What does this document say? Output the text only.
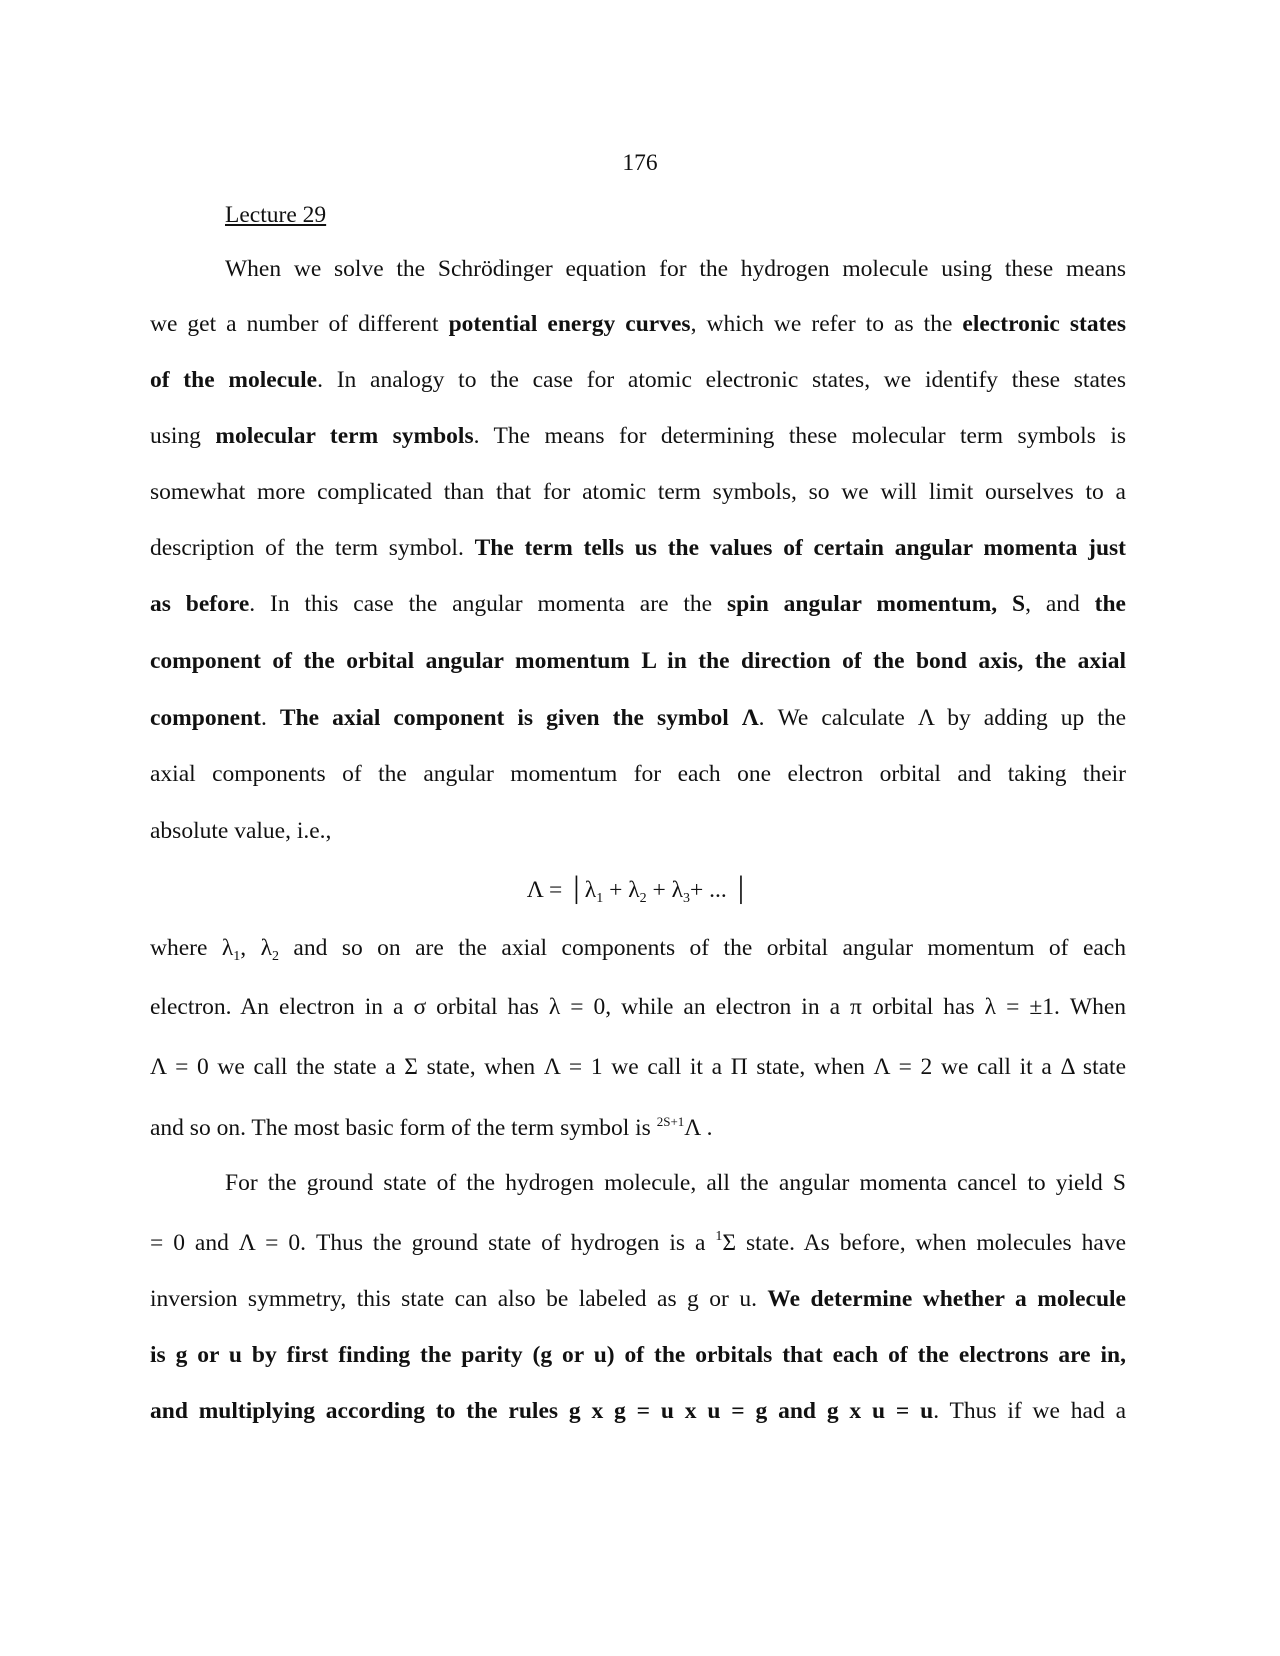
176
Lecture 29
When we solve the Schrödinger equation for the hydrogen molecule using these means
we get a number of different potential energy curves, which we refer to as the electronic states
of the molecule. In analogy to the case for atomic electronic states, we identify these states
using molecular term symbols. The means for determining these molecular term symbols is
somewhat more complicated than that for atomic term symbols, so we will limit ourselves to a
description of the term symbol. The term tells us the values of certain angular momenta just
as before. In this case the angular momenta are the spin angular momentum, S, and the
component of the orbital angular momentum L in the direction of the bond axis, the axial
component. The axial component is given the symbol Λ. We calculate Λ by adding up the
axial components of the angular momentum for each one electron orbital and taking their
absolute value, i.e.,
$\Lambda = │\lambda_1 + \lambda_2 + \lambda_3+$ ... │
where $\lambda_1$, $\lambda_2$ and so on are the axial components of the orbital angular momentum of each
electron. An electron in a σ orbital has λ = 0, while an electron in a π orbital has λ = ±1. When
Λ = 0 we call the state a Σ state, when Λ = 1 we call it a Π state, when Λ = 2 we call it a Δ state
and so on. The most basic form of the term symbol is $^{2S+1}$Λ .
For the ground state of the hydrogen molecule, all the angular momenta cancel to yield S
= 0 and Λ = 0. Thus the ground state of hydrogen is a $^1$Σ state. As before, when molecules have
inversion symmetry, this state can also be labeled as g or u. We determine whether a molecule
is g or u by first finding the parity (g or u) of the orbitals that each of the electrons are in,
and multiplying according to the rules g x g = u x u = g and g x u = u. Thus if we had a
